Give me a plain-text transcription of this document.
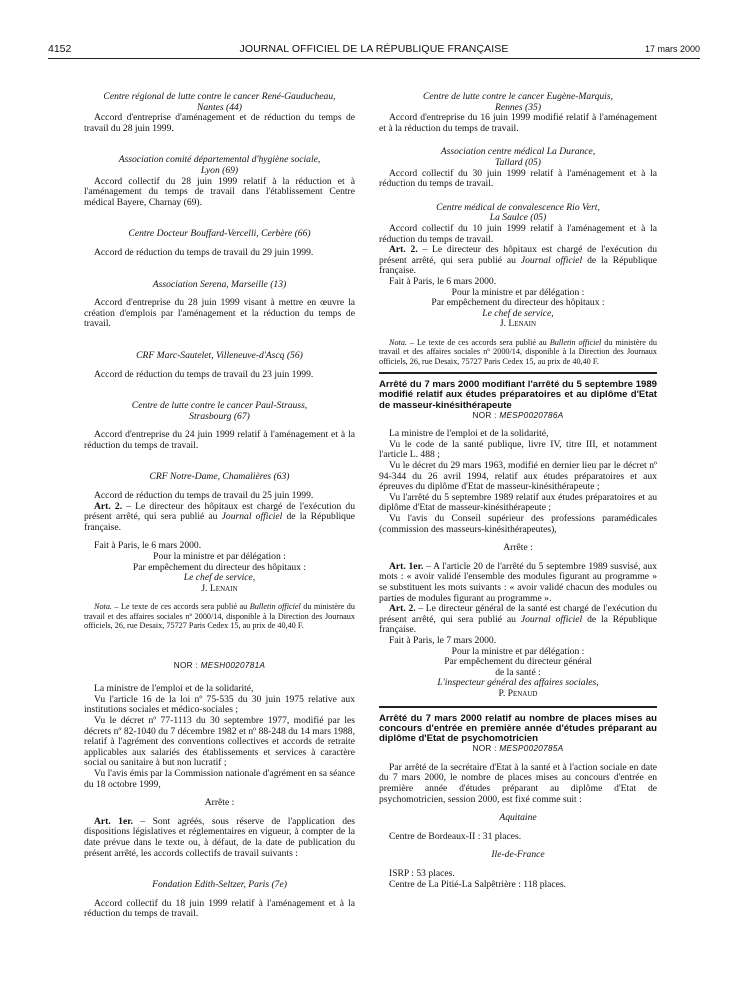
4152	JOURNAL OFFICIEL DE LA RÉPUBLIQUE FRANÇAISE	17 mars 2000
Centre régional de lutte contre le cancer René-Gauducheau,
Nantes (44)

Accord d'entreprise d'aménagement et de réduction du temps de travail du 28 juin 1999.

Association comité départemental d'hygiène sociale,
Lyon (69)

Accord collectif du 28 juin 1999 relatif à la réduction et à l'aménagement du temps de travail dans l'établissement Centre médical Bayere, Charnay (69).

Centre Docteur Bouffard-Vercelli, Cerbère (66)

Accord de réduction du temps de travail du 29 juin 1999.

Association Serena, Marseille (13)

Accord d'entreprise du 28 juin 1999 visant à mettre en œuvre la création d'emplois par l'aménagement et la réduction du temps de travail.

CRF Marc-Sautelet, Villeneuve-d'Ascq (56)

Accord de réduction du temps de travail du 23 juin 1999.

Centre de lutte contre le cancer Paul-Strauss,
Strasbourg (67)

Accord d'entreprise du 24 juin 1999 relatif à l'aménagement et à la réduction du temps de travail.

CRF Notre-Dame, Chamalières (63)

Accord de réduction du temps de travail du 25 juin 1999.

Art. 2. – Le directeur des hôpitaux est chargé de l'exécution du présent arrêté, qui sera publié au Journal officiel de la République française.

Fait à Paris, le 6 mars 2000.

Pour la ministre et par délégation :
Par empêchement du directeur des hôpitaux :
Le chef de service,
J. Lenain

Nota. – Le texte de ces accords sera publié au Bulletin officiel du ministère du travail et des affaires sociales nº 2000/14, disponible à la Direction des Journaux officiels, 26, rue Desaix, 75727 Paris Cedex 15, au prix de 40,40 F.

NOR : MESH0020781A

La ministre de l'emploi et de la solidarité,

Vu l'article 16 de la loi nº 75-535 du 30 juin 1975 relative aux institutions sociales et médico-sociales ;

Vu le décret nº 77-1113 du 30 septembre 1977, modifié par les décrets nº 82-1040 du 7 décembre 1982 et nº 88-248 du 14 mars 1988, relatif à l'agrément des conventions collectives et accords de retraite applicables aux salariés des établissements et services à caractère social ou sanitaire à but non lucratif ;

Vu l'avis émis par la Commission nationale d'agrément en sa séance du 18 octobre 1999,

Arrête :

Art. 1er. – Sont agréés, sous réserve de l'application des dispositions législatives et réglementaires en vigueur, à compter de la date prévue dans le texte ou, à défaut, de la date de publication du présent arrêté, les accords collectifs de travail suivants :

Fondation Edith-Seltzer, Paris (7e)

Accord collectif du 18 juin 1999 relatif à l'aménagement et à la réduction du temps de travail.

Centre de lutte contre le cancer Eugène-Marquis,
Rennes (35)

Accord d'entreprise du 16 juin 1999 modifié relatif à l'aménagement et à la réduction du temps de travail.

Association centre médical La Durance,
Tallard (05)

Accord collectif du 30 juin 1999 relatif à l'aménagement et à la réduction du temps de travail.

Centre médical de convalescence Rio Vert,
La Saulce (05)

Accord collectif du 10 juin 1999 relatif à l'aménagement et à la réduction du temps de travail.

Art. 2. – Le directeur des hôpitaux est chargé de l'exécution du présent arrêté, qui sera publié au Journal officiel de la République française.

Fait à Paris, le 6 mars 2000.

Pour la ministre et par délégation :
Par empêchement du directeur des hôpitaux :
Le chef de service,
J. Lenain

Nota. – Le texte de ces accords sera publié au Bulletin officiel du ministère du travail et des affaires sociales nº 2000/14, disponible à la Direction des Journaux officiels, 26, rue Desaix, 75727 Paris Cedex 15, au prix de 40,40 F.

Arrêté du 7 mars 2000 modifiant l'arrêté du 5 septembre 1989 modifié relatif aux études préparatoires et au diplôme d'Etat de masseur-kinésithérapeute

NOR : MESP0020786A

La ministre de l'emploi et de la solidarité,

Vu le code de la santé publique, livre IV, titre III, et notamment l'article L. 488 ;

Vu le décret du 29 mars 1963, modifié en dernier lieu par le décret nº 94-344 du 26 avril 1994, relatif aux études préparatoires et aux épreuves du diplôme d'Etat de masseur-kinésithérapeute ;

Vu l'arrêté du 5 septembre 1989 relatif aux études préparatoires et au diplôme d'Etat de masseur-kinésithérapeute ;

Vu l'avis du Conseil supérieur des professions paramédicales (commission des masseurs-kinésithérapeutes),

Arrête :

Art. 1er. – A l'article 20 de l'arrêté du 5 septembre 1989 susvisé, aux mots : « avoir validé l'ensemble des modules figurant au programme » se substituent les mots suivants : « avoir validé chacun des modules ou parties de modules figurant au programme ».

Art. 2. – Le directeur général de la santé est chargé de l'exécution du présent arrêté, qui sera publié au Journal officiel de la République française.

Fait à Paris, le 7 mars 2000.

Pour la ministre et par délégation :
Par empêchement du directeur général
de la santé :
L'inspecteur général des affaires sociales,
P. Penaud

Arrêté du 7 mars 2000 relatif au nombre de places mises au concours d'entrée en première année d'études préparant au diplôme d'Etat de psychomotricien

NOR : MESP0020785A

Par arrêté de la secrétaire d'Etat à la santé et à l'action sociale en date du 7 mars 2000, le nombre de places mises au concours d'entrée en première année d'études préparant au diplôme d'Etat de psychomotricien, session 2000, est fixé comme suit :

Aquitaine

Centre de Bordeaux-II : 31 places.

Ile-de-France

ISRP : 53 places.

Centre de La Pitié-La Salpêtrière : 118 places.
